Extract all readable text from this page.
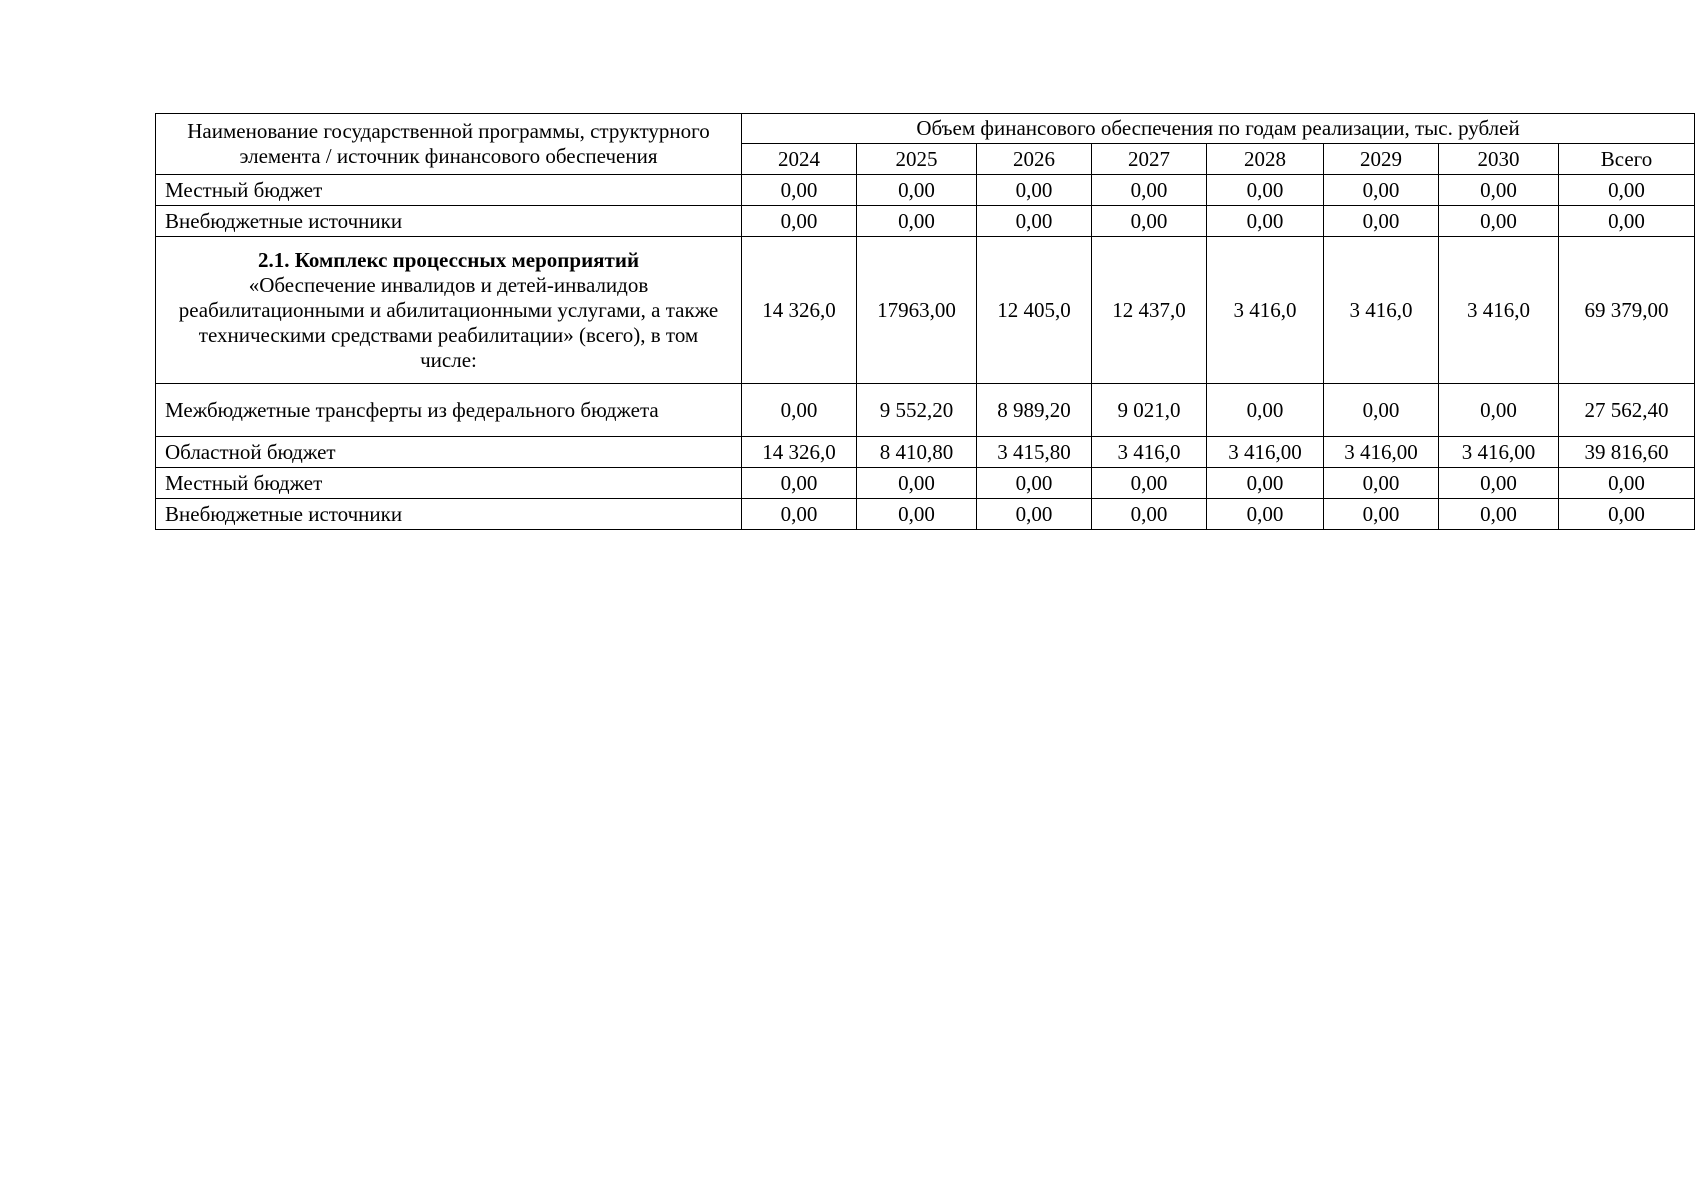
Наименование государственной программы, структурного элемента / источник финансового обеспечения	Объем финансового обеспечения по годам реализации, тыс. рублей							
	2024	2025	2026	2027	2028	2029	2030	Всего
Местный бюджет	0,00	0,00	0,00	0,00	0,00	0,00	0,00	0,00
Внебюджетные источники	0,00	0,00	0,00	0,00	0,00	0,00	0,00	0,00

2.1. Комплекс процессных мероприятий
«Обеспечение инвалидов и детей-инвалидов реабилитационными и абилитационными услугами, а также техническими средствами реабилитации» (всего), в том числе:	14 326,0	17963,00	12 405,0	12 437,0	3 416,0	3 416,0	3 416,0	69 379,00
Межбюджетные трансферты из федерального бюджета	0,00	9 552,20	8 989,20	9 021,0	0,00	0,00	0,00	27 562,40
Областной бюджет	14 326,0	8 410,80	3 415,80	3 416,0	3 416,00	3 416,00	3 416,00	39 816,60
Местный бюджет	0,00	0,00	0,00	0,00	0,00	0,00	0,00	0,00
Внебюджетные источники	0,00	0,00	0,00	0,00	0,00	0,00	0,00	0,00
